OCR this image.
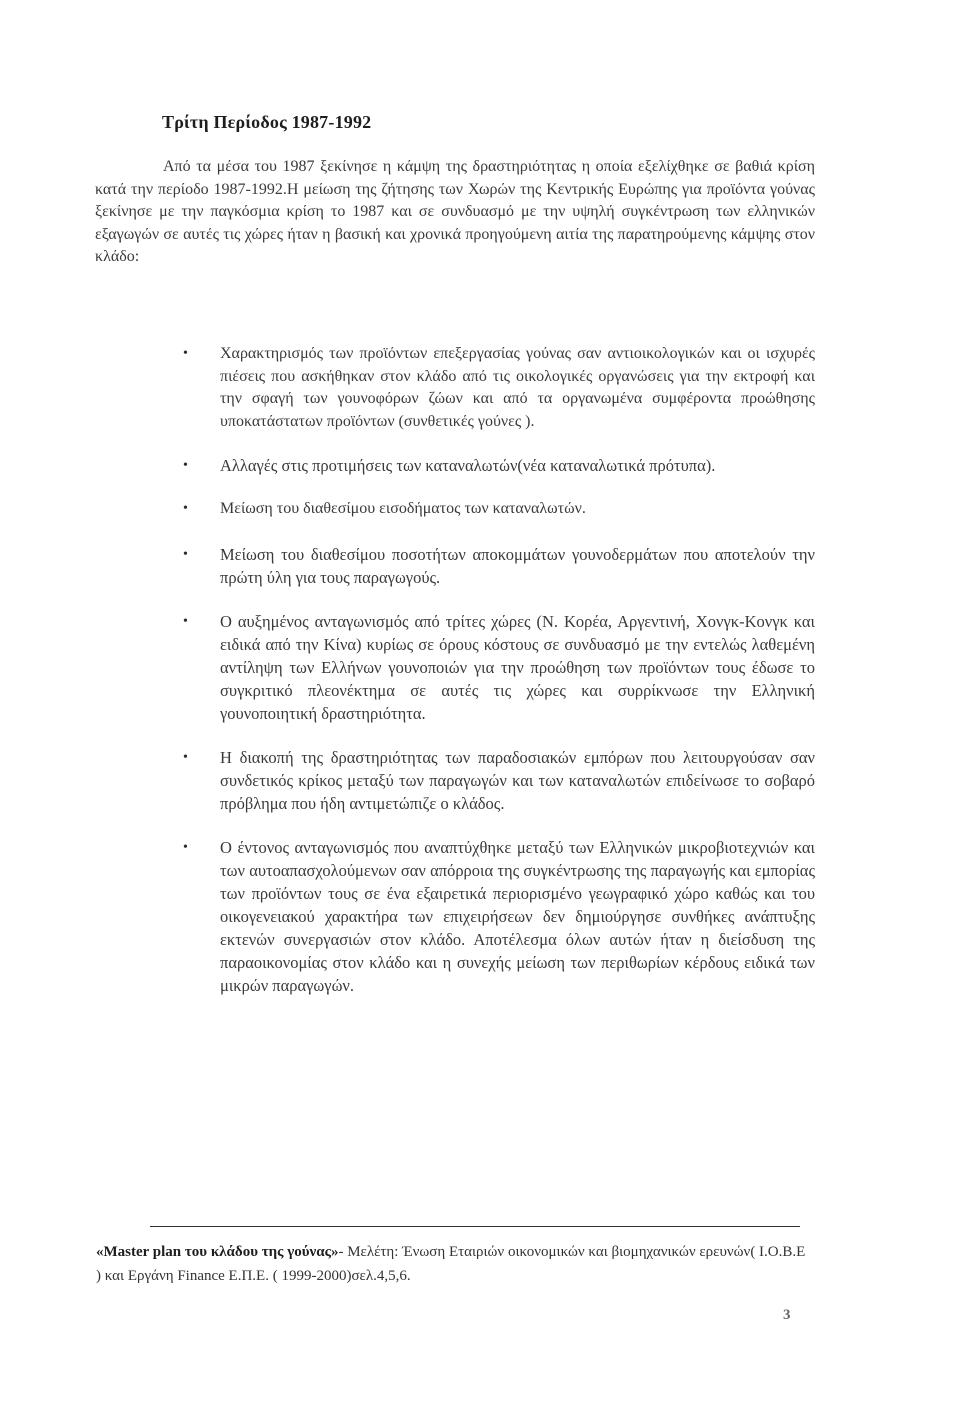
Τρίτη Περίοδος 1987-1992

Από τα μέσα του 1987 ξεκίνησε η κάμψη της δραστηριότητας η οποία εξελίχθηκε σε βαθιά κρίση κατά την περίοδο 1987-1992.Η μείωση της ζήτησης των Χωρών της Κεντρικής Ευρώπης για προϊόντα γούνας ξεκίνησε με την παγκόσμια κρίση το 1987 και σε συνδυασμό με την υψηλή συγκέντρωση των ελληνικών εξαγωγών σε αυτές τις χώρες ήταν η βασική και χρονικά προηγούμενη αιτία της παρατηρούμενης κάμψης στον κλάδο:

• Χαρακτηρισμός των προϊόντων επεξεργασίας γούνας σαν αντιοικολογικών και οι ισχυρές πιέσεις που ασκήθηκαν στον κλάδο από τις οικολογικές οργανώσεις για την εκτροφή και την σφαγή των γουνοφόρων ζώων και από τα οργανωμένα συμφέροντα προώθησης υποκατάστατων προϊόντων (συνθετικές γούνες ).
• Αλλαγές στις προτιμήσεις των καταναλωτών(νέα καταναλωτικά πρότυπα).
• Μείωση του διαθεσίμου εισοδήματος των καταναλωτών.
• Μείωση του διαθεσίμου ποσοτήτων αποκομμάτων γουνοδερμάτων που αποτελούν την πρώτη ύλη για τους παραγωγούς.
• Ο αυξημένος ανταγωνισμός από τρίτες χώρες (Ν. Κορέα, Αργεντινή, Χονγκ-Κονγκ και ειδικά από την Κίνα) κυρίως σε όρους κόστους σε συνδυασμό με την εντελώς λαθεμένη αντίληψη των Ελλήνων γουνοποιών για την προώθηση των προϊόντων τους έδωσε το συγκριτικό πλεονέκτημα σε αυτές τις χώρες και συρρίκνωσε την Ελληνική γουνοποιητική δραστηριότητα.
• Η διακοπή της δραστηριότητας των παραδοσιακών εμπόρων που λειτουργούσαν σαν συνδετικός κρίκος μεταξύ των παραγωγών και των καταναλωτών επιδείνωσε το σοβαρό πρόβλημα που ήδη αντιμετώπιζε ο κλάδος.
• Ο έντονος ανταγωνισμός που αναπτύχθηκε μεταξύ των Ελληνικών μικροβιοτεχνιών και των αυτοαπασχολούμενων σαν απόρροια της συγκέντρωσης της παραγωγής και εμπορίας των προϊόντων τους σε ένα εξαιρετικά περιορισμένο γεωγραφικό χώρο καθώς και του οικογενειακού χαρακτήρα των επιχειρήσεων δεν δημιούργησε συνθήκες ανάπτυξης εκτενών συνεργασιών στον κλάδο. Αποτέλεσμα όλων αυτών ήταν η διείσδυση της παραοικονομίας στον κλάδο και η συνεχής μείωση των περιθωρίων κέρδους ειδικά των μικρών παραγωγών.
«Master plan του κλάδου της γούνας»- Μελέτη: Ένωση Εταιριών οικονομικών και βιομηχανικών ερευνών( Ι.Ο.Β.Ε ) και Εργάνη Finance Ε.Π.Ε. ( 1999-2000)σελ.4,5,6.
3
